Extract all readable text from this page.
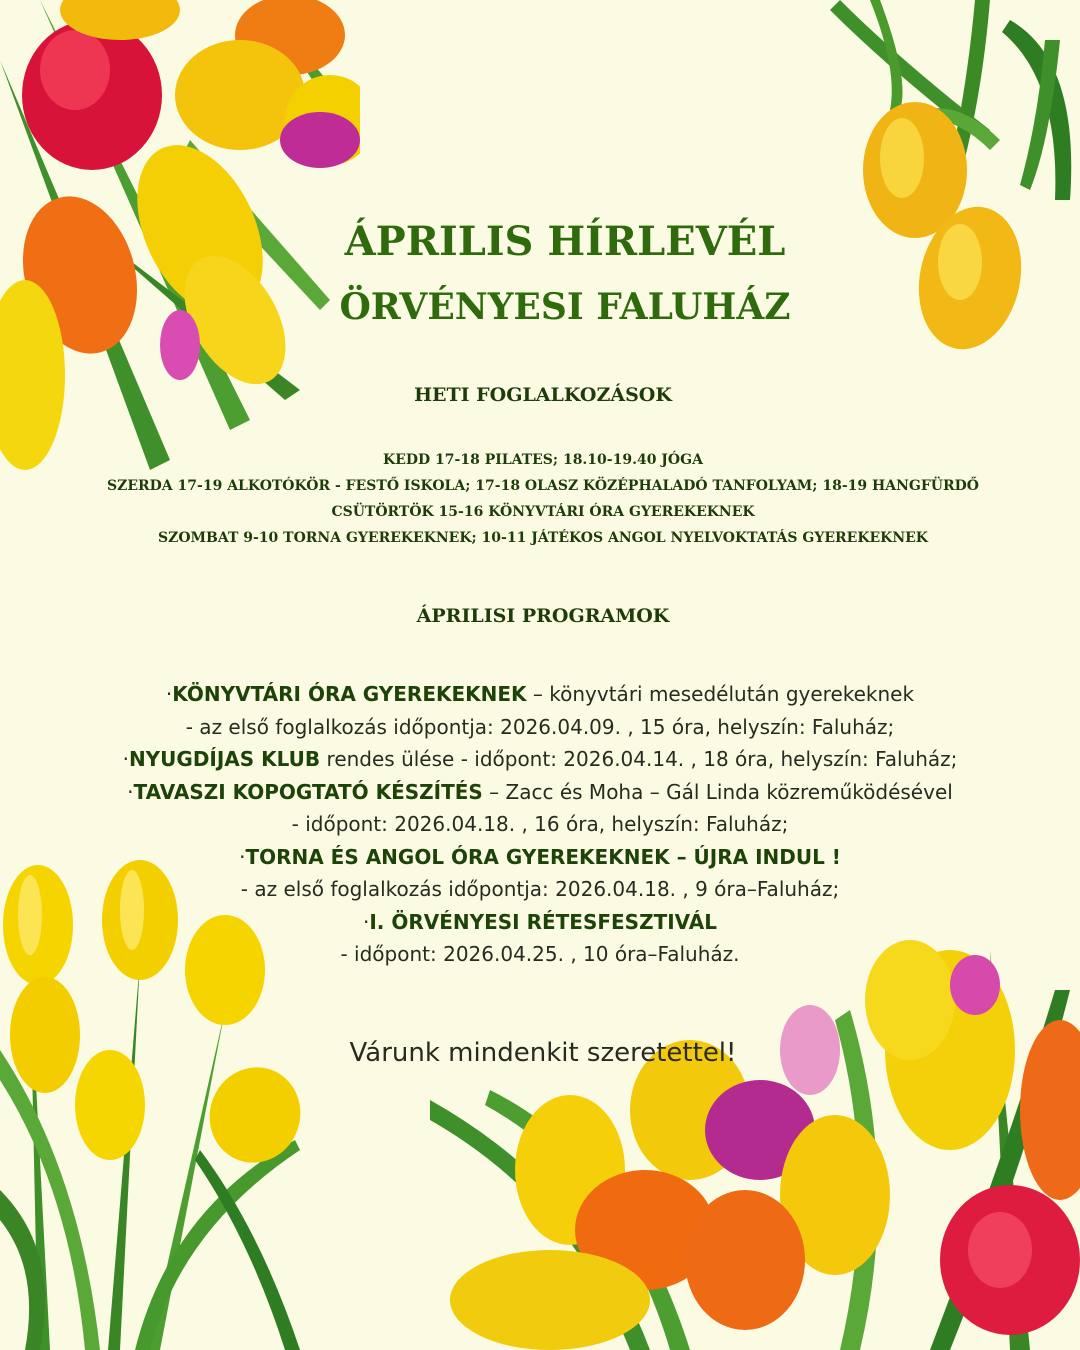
ÁPRILIS HÍRLEVÉL
ÖRVÉNYESI FALUHÁZ
HETI FOGLALKOZÁSOK
KEDD 17-18 PILATES; 18.10-19.40 JÓGA
SZERDA 17-19 ALKOTÓKÖR - FESTŐ ISKOLA; 17-18 OLASZ KÖZÉPHALADÓ TANFOLYAM; 18-19 HANGFÜRDŐ
CSÜTÖRTÖK 15-16 KÖNYVTÁRI ÓRA GYEREKEKNEK
SZOMBAT 9-10 TORNA GYEREKEKNEK; 10-11 JÁTÉKOS ANGOL NYELVOKTATÁS GYEREKEKNEK
ÁPRILISI PROGRAMOK
·KÖNYVTÁRI ÓRA GYEREKEKNEK – könyvtári mesedélután gyerekeknek
- az első foglalkozás időpontja: 2026.04.09. , 15 óra, helyszín: Faluház;
·NYUGDÍJAS KLUB rendes ülése - időpont: 2026.04.14. , 18 óra, helyszín: Faluház;
·TAVASZI KOPOGTATÓ KÉSZÍTÉS – Zacc és Moha – Gál Linda közreműködésével
- időpont: 2026.04.18. , 16 óra, helyszín: Faluház;
·TORNA ÉS ANGOL ÓRA GYEREKEKNEK – ÚJRA INDUL !
- az első foglalkozás időpontja: 2026.04.18. , 9 óra–Faluház;
·I. ÖRVÉNYESI RÉTESFESZTIVÁL
- időpont: 2026.04.25. , 10 óra–Faluház.

Várunk mindenkit szeretettel!
